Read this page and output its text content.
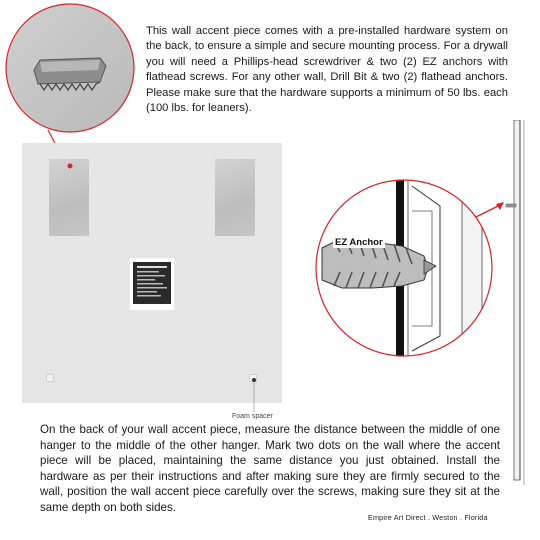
This wall accent piece comes with a pre-installed hardware system on the back, to ensure a simple and secure mounting process. For a drywall you will need a Phillips-head screwdriver & two (2) EZ anchors with flathead screws. For any other wall, Drill Bit & two (2) flathead anchors. Please make sure that the hardware supports a minimum of 50 lbs. each (100 lbs. for leaners).
Foam spacer
EZ Anchor
On the back of your wall accent piece, measure the distance between the middle of one hanger to the middle of the other hanger. Mark two dots on the wall where the accent piece will be placed, maintaining the same distance you just obtained. Install the hardware as per their instructions and after making sure they are firmly secured to the wall, position the wall accent piece carefully over the screws, making sure they sit at the same depth on both sides.
Empire Art Direct . Weston . Florida
